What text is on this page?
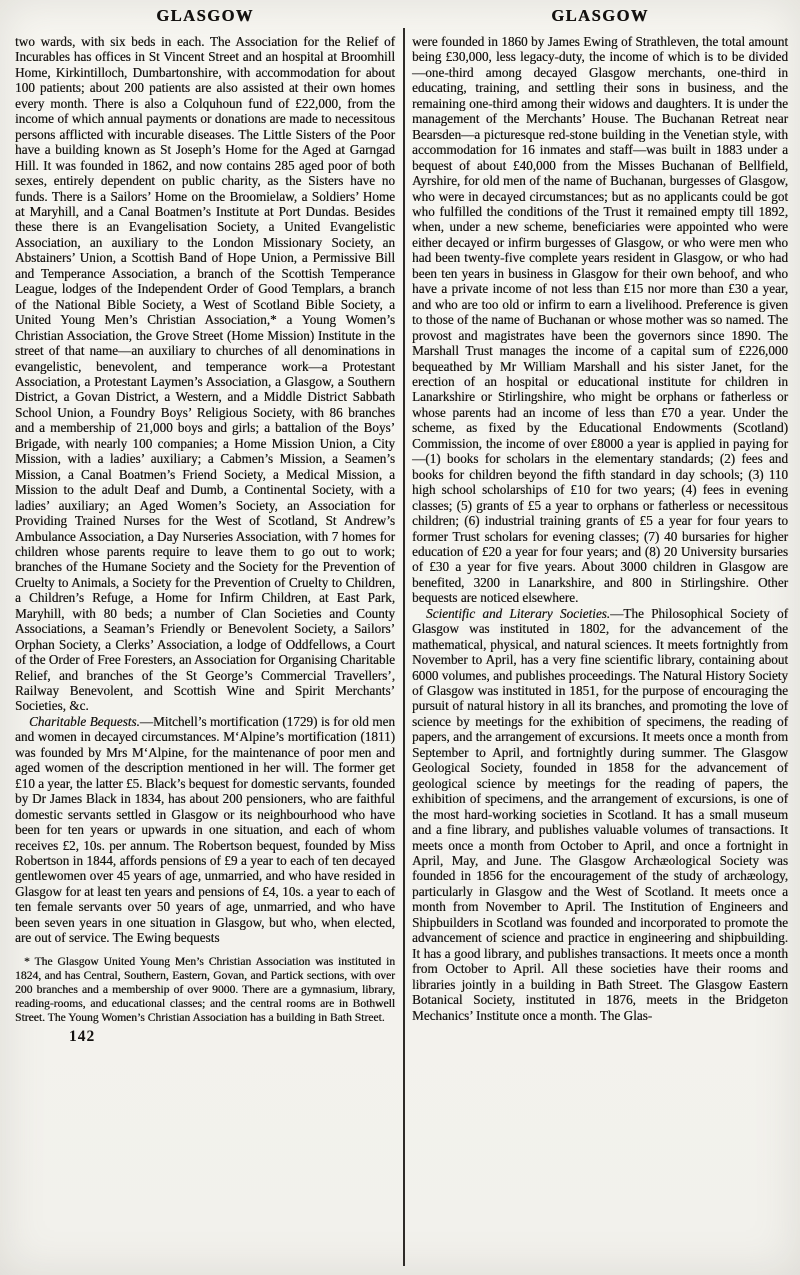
GLASGOW	GLASGOW

two wards, with six beds in each. The Association for the Relief of Incurables has offices in St Vincent Street and an hospital at Broomhill Home, Kirkintilloch, Dumbartonshire, with accommodation for about 100 patients; about 200 patients are also assisted at their own homes every month. There is also a Colquhoun fund of £22,000, from the income of which annual payments or donations are made to necessitous persons afflicted with incurable diseases. The Little Sisters of the Poor have a building known as St Joseph’s Home for the Aged at Garngad Hill. It was founded in 1862, and now contains 285 aged poor of both sexes, entirely dependent on public charity, as the Sisters have no funds. There is a Sailors’ Home on the Broomielaw, a Soldiers’ Home at Maryhill, and a Canal Boatmen’s Institute at Port Dundas. Besides these there is an Evangelisation Society, a United Evangelistic Association, an auxiliary to the London Missionary Society, an Abstainers’ Union, a Scottish Band of Hope Union, a Permissive Bill and Temperance Association, a branch of the Scottish Temperance League, lodges of the Independent Order of Good Templars, a branch of the National Bible Society, a West of Scotland Bible Society, a United Young Men’s Christian Association,* a Young Women’s Christian Association, the Grove Street (Home Mission) Institute in the street of that name—an auxiliary to churches of all denominations in evangelistic, benevolent, and temperance work—a Protestant Association, a Protestant Laymen’s Association, a Glasgow, a Southern District, a Govan District, a Western, and a Middle District Sabbath School Union, a Foundry Boys’ Religious Society, with 86 branches and a membership of 21,000 boys and girls; a battalion of the Boys’ Brigade, with nearly 100 companies; a Home Mission Union, a City Mission, with a ladies’ auxiliary; a Cabmen’s Mission, a Seamen’s Mission, a Canal Boatmen’s Friend Society, a Medical Mission, a Mission to the adult Deaf and Dumb, a Continental Society, with a ladies’ auxiliary; an Aged Women’s Society, an Association for Providing Trained Nurses for the West of Scotland, St Andrew’s Ambulance Association, a Day Nurseries Association, with 7 homes for children whose parents require to leave them to go out to work; branches of the Humane Society and the Society for the Prevention of Cruelty to Animals, a Society for the Prevention of Cruelty to Children, a Children’s Refuge, a Home for Infirm Children, at East Park, Maryhill, with 80 beds; a number of Clan Societies and County Associations, a Seaman’s Friendly or Benevolent Society, a Sailors’ Orphan Society, a Clerks’ Association, a lodge of Oddfellows, a Court of the Order of Free Foresters, an Association for Organising Charitable Relief, and branches of the St George’s Commercial Travellers’, Railway Benevolent, and Scottish Wine and Spirit Merchants’ Societies, &c.

Charitable Bequests.—Mitchell’s mortification (1729) is for old men and women in decayed circumstances. M‘Alpine’s mortification (1811) was founded by Mrs M‘Alpine, for the maintenance of poor men and aged women of the description mentioned in her will. The former get £10 a year, the latter £5. Black’s bequest for domestic servants, founded by Dr James Black in 1834, has about 200 pensioners, who are faithful domestic servants settled in Glasgow or its neighbourhood who have been for ten years or upwards in one situation, and each of whom receives £2, 10s. per annum. The Robertson bequest, founded by Miss Robertson in 1844, affords pensions of £9 a year to each of ten decayed gentlewomen over 45 years of age, unmarried, and who have resided in Glasgow for at least ten years and pensions of £4, 10s. a year to each of ten female servants over 50 years of age, unmarried, and who have been seven years in one situation in Glasgow, but who, when elected, are out of service. The Ewing bequests

* The Glasgow United Young Men’s Christian Association was instituted in 1824, and has Central, Southern, Eastern, Govan, and Partick sections, with over 200 branches and a membership of over 9000. There are a gymnasium, library, reading-rooms, and educational classes; and the central rooms are in Bothwell Street. The Young Women’s Christian Association has a building in Bath Street.

142

were founded in 1860 by James Ewing of Strathleven, the total amount being £30,000, less legacy-duty, the income of which is to be divided—one-third among decayed Glasgow merchants, one-third in educating, training, and settling their sons in business, and the remaining one-third among their widows and daughters. It is under the management of the Merchants’ House. The Buchanan Retreat near Bearsden—a picturesque red-stone building in the Venetian style, with accommodation for 16 inmates and staff—was built in 1883 under a bequest of about £40,000 from the Misses Buchanan of Bellfield, Ayrshire, for old men of the name of Buchanan, burgesses of Glasgow, who were in decayed circumstances; but as no applicants could be got who fulfilled the conditions of the Trust it remained empty till 1892, when, under a new scheme, beneficiaries were appointed who were either decayed or infirm burgesses of Glasgow, or who were men who had been twenty-five complete years resident in Glasgow, or who had been ten years in business in Glasgow for their own behoof, and who have a private income of not less than £15 nor more than £30 a year, and who are too old or infirm to earn a livelihood. Preference is given to those of the name of Buchanan or whose mother was so named. The provost and magistrates have been the governors since 1890. The Marshall Trust manages the income of a capital sum of £226,000 bequeathed by Mr William Marshall and his sister Janet, for the erection of an hospital or educational institute for children in Lanarkshire or Stirlingshire, who might be orphans or fatherless or whose parents had an income of less than £70 a year. Under the scheme, as fixed by the Educational Endowments (Scotland) Commission, the income of over £8000 a year is applied in paying for—(1) books for scholars in the elementary standards; (2) fees and books for children beyond the fifth standard in day schools; (3) 110 high school scholarships of £10 for two years; (4) fees in evening classes; (5) grants of £5 a year to orphans or fatherless or necessitous children; (6) industrial training grants of £5 a year for four years to former Trust scholars for evening classes; (7) 40 bursaries for higher education of £20 a year for four years; and (8) 20 University bursaries of £30 a year for five years. About 3000 children in Glasgow are benefited, 3200 in Lanarkshire, and 800 in Stirlingshire. Other bequests are noticed elsewhere.

Scientific and Literary Societies.—The Philosophical Society of Glasgow was instituted in 1802, for the advancement of the mathematical, physical, and natural sciences. It meets fortnightly from November to April, has a very fine scientific library, containing about 6000 volumes, and publishes proceedings. The Natural History Society of Glasgow was instituted in 1851, for the purpose of encouraging the pursuit of natural history in all its branches, and promoting the love of science by meetings for the exhibition of specimens, the reading of papers, and the arrangement of excursions. It meets once a month from September to April, and fortnightly during summer. The Glasgow Geological Society, founded in 1858 for the advancement of geological science by meetings for the reading of papers, the exhibition of specimens, and the arrangement of excursions, is one of the most hard-working societies in Scotland. It has a small museum and a fine library, and publishes valuable volumes of transactions. It meets once a month from October to April, and once a fortnight in April, May, and June. The Glasgow Archæological Society was founded in 1856 for the encouragement of the study of archæology, particularly in Glasgow and the West of Scotland. It meets once a month from November to April. The Institution of Engineers and Shipbuilders in Scotland was founded and incorporated to promote the advancement of science and practice in engineering and shipbuilding. It has a good library, and publishes transactions. It meets once a month from October to April. All these societies have their rooms and libraries jointly in a building in Bath Street. The Glasgow Eastern Botanical Society, instituted in 1876, meets in the Bridgeton Mechanics’ Institute once a month. The Glas-
